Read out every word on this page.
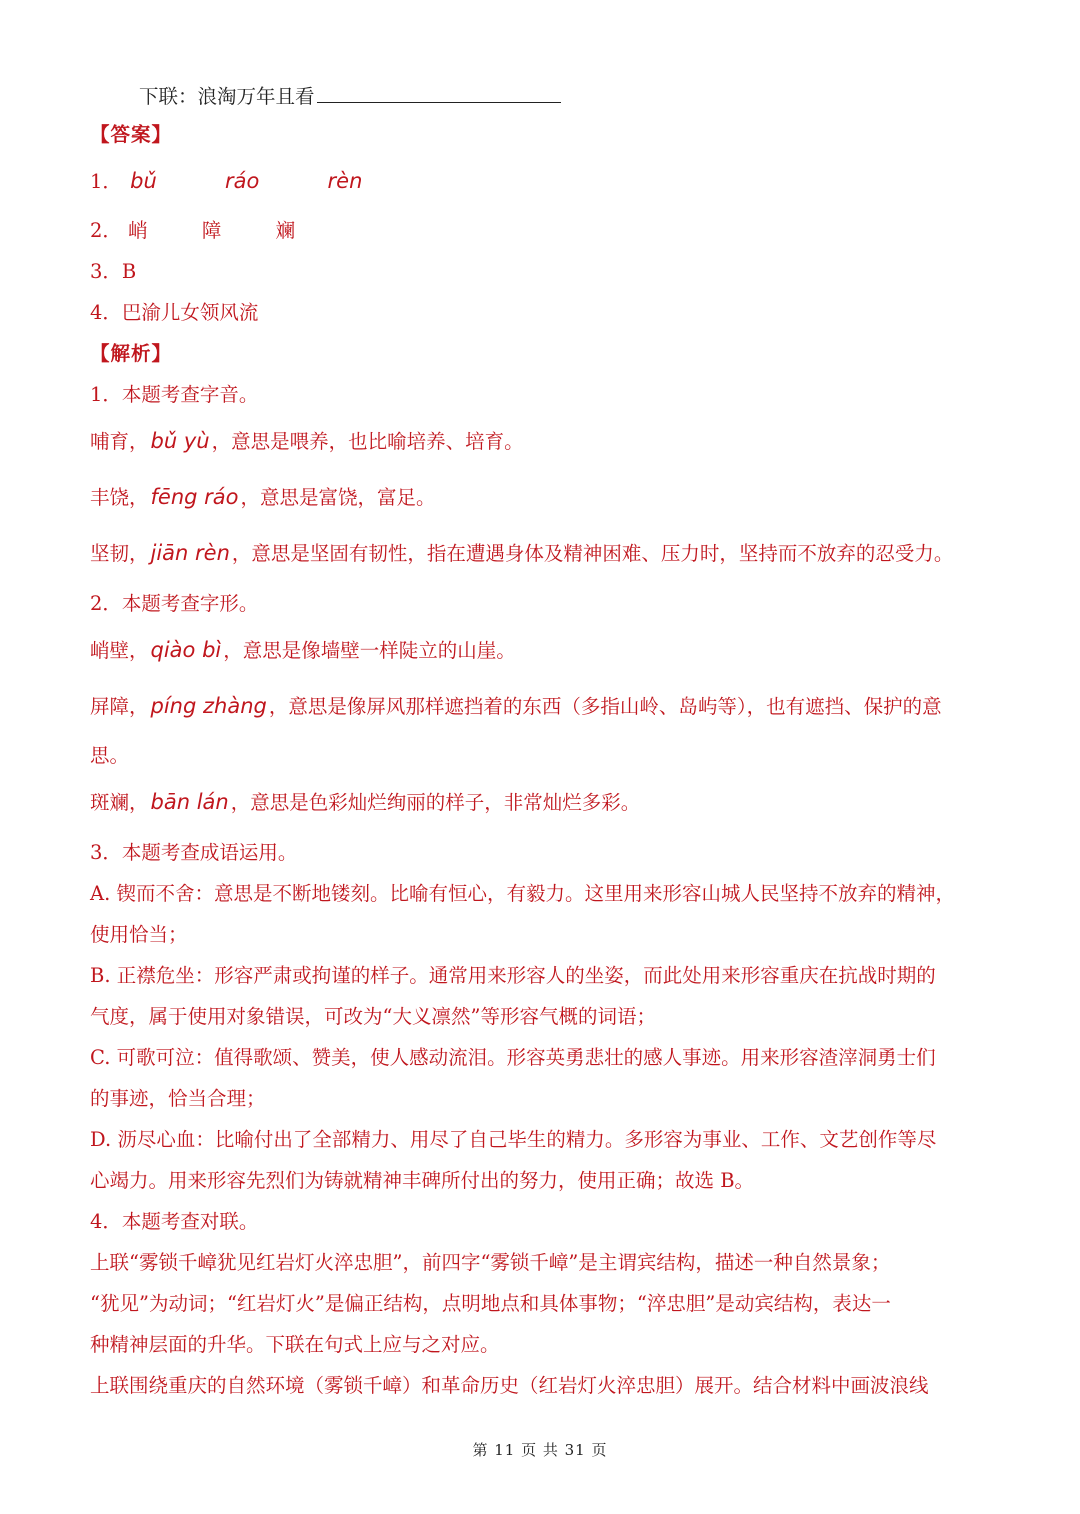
下联：浪淘万年且看
【答案】
1． bǔ	ráo	rèn
2． 峭	障	斓
3．B
4．巴渝儿女领风流
【解析】
1．本题考查字音。
哺育，bǔ yù ，意思是喂养，也比喻培养、培育。
丰饶，fēng ráo ，意思是富饶，富足。
坚韧，jiān rèn ，意思是坚固有韧性，指在遭遇身体及精神困难、压力时，坚持而不放弃的忍受力。
2．本题考查字形。
峭壁，qiào bì ，意思是像墙壁一样陡立的山崖。
屏障，píng zhàng ，意思是像屏风那样遮挡着的东西（多指山岭、岛屿等），也有遮挡、保护的意
思。
斑斓，bān lán ，意思是色彩灿烂绚丽的样子，非常灿烂多彩。
3．本题考查成语运用。
A. 锲而不舍：意思是不断地镂刻。比喻有恒心，有毅力。这里用来形容山城人民坚持不放弃的精神，
使用恰当；
B. 正襟危坐：形容严肃或拘谨的样子。通常用来形容人的坐姿，而此处用来形容重庆在抗战时期的
气度，属于使用对象错误，可改为“大义凛然”等形容气概的词语；
C. 可歌可泣：值得歌颂、赞美，使人感动流泪。形容英勇悲壮的感人事迹。用来形容渣滓洞勇士们
的事迹，恰当合理；
D. 沥尽心血：比喻付出了全部精力、用尽了自己毕生的精力。多形容为事业、工作、文艺创作等尽
心竭力。用来形容先烈们为铸就精神丰碑所付出的努力，使用正确；故选 B。
4．本题考查对联。
上联“雾锁千嶂犹见红岩灯火淬忠胆”，前四字“雾锁千嶂”是主谓宾结构，描述一种自然景象；
“犹见”为动词；“红岩灯火”是偏正结构，点明地点和具体事物；“淬忠胆”是动宾结构，表达一
种精神层面的升华。下联在句式上应与之对应。
上联围绕重庆的自然环境（雾锁千嶂）和革命历史（红岩灯火淬忠胆）展开。结合材料中画波浪线
第 11 页 共 31 页
